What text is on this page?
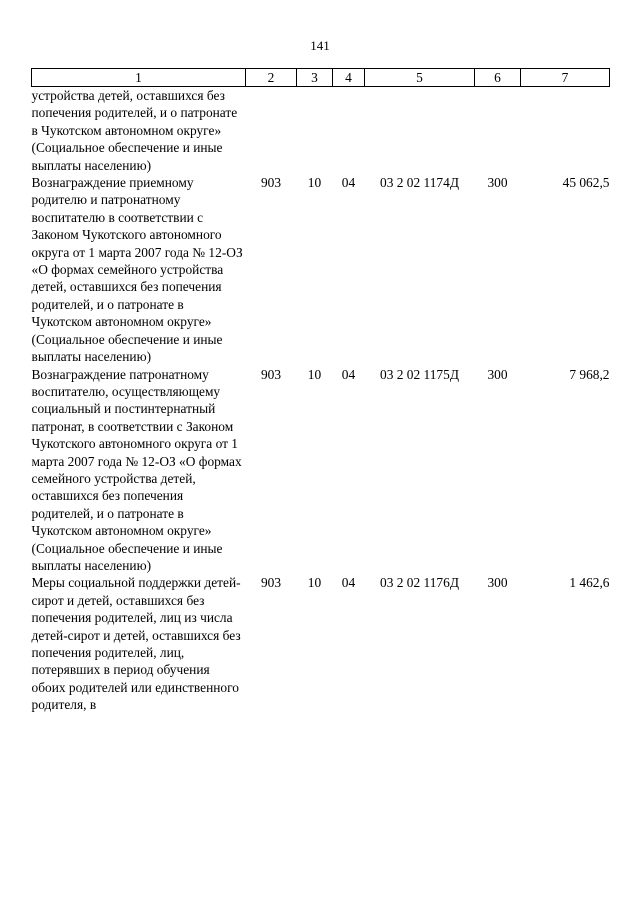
141
1	2	3	4	5	6	7
устройства детей, оставшихся без попечения родителей, и о патронате в Чукотском автономном округе» (Социальное обеспечение и иные выплаты населению)						
Вознаграждение приемному родителю и патронатному воспитателю в соответствии с Законом Чукотского автономного округа от 1 марта 2007 года № 12-ОЗ «О формах семейного устройства детей, оставшихся без попечения родителей, и о патронате в Чукотском автономном округе» (Социальное обеспечение и иные выплаты населению)	903	10	04	03 2 02 1174Д	300	45 062,5
Вознаграждение патронатному воспитателю, осуществляющему социальный и постинтернатный патронат, в соответствии с Законом Чукотского автономного округа от 1 марта 2007 года № 12-ОЗ «О формах семейного устройства детей, оставшихся без попечения родителей, и о патронате в Чукотском автономном округе» (Социальное обеспечение и иные выплаты населению)	903	10	04	03 2 02 1175Д	300	7 968,2
Меры социальной поддержки детей-сирот и детей, оставшихся без попечения родителей, лиц из числа детей-сирот и детей, оставшихся без попечения родителей, лиц, потерявших в период обучения обоих родителей или единственного родителя, в	903	10	04	03 2 02 1176Д	300	1 462,6
